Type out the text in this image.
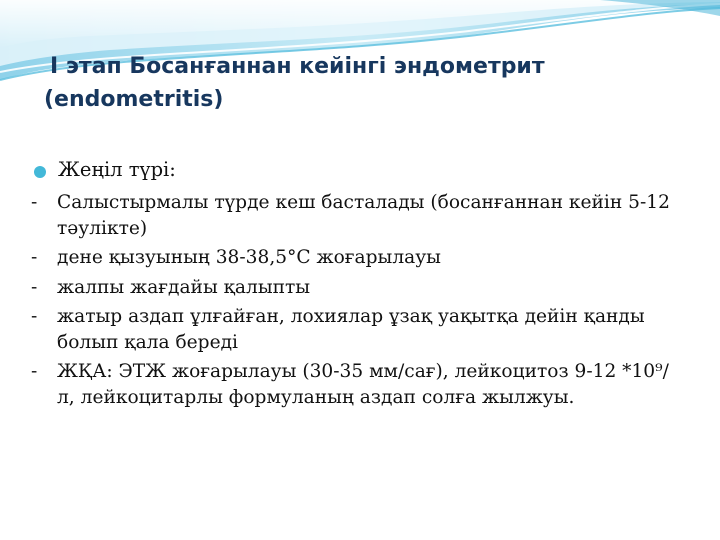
I этап Босанғаннан кейінгі эндометрит
(endometritis)
Жеңіл түрі:
- Салыстырмалы түрде кеш басталады (босанғаннан кейін 5-12 тәулікте)
- дене қызуының 38-38,5°С жоғарылауы
- жалпы жағдайы қалыпты
- жатыр аздап ұлғайған, лохиялар ұзақ уақытқа дейін қанды болып қала береді
- ЖҚА: ЭТЖ жоғарылауы (30-35 мм/сағ), лейкоцитоз 9-12 *10⁹/л, лейкоцитарлы формуланың аздап солға жылжуы.
